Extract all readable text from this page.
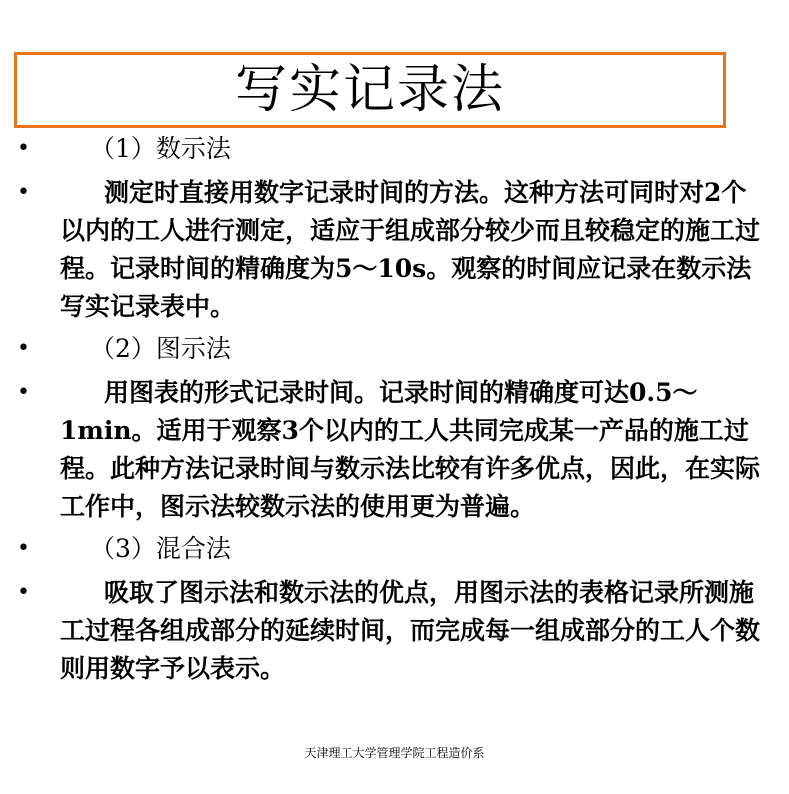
写实记录法
•	（1）数示法
•	测定时直接用数字记录时间的方法。这种方法可同时对2个以内的工人进行测定，适应于组成部分较少而且较稳定的施工过程。记录时间的精确度为5～10s。观察的时间应记录在数示法写实记录表中。
•	（2）图示法
•	用图表的形式记录时间。记录时间的精确度可达0.5～1min。适用于观察3个以内的工人共同完成某一产品的施工过程。此种方法记录时间与数示法比较有许多优点，因此，在实际工作中，图示法较数示法的使用更为普遍。
•	（3）混合法
•	吸取了图示法和数示法的优点，用图示法的表格记录所测施工过程各组成部分的延续时间，而完成每一组成部分的工人个数则用数字予以表示。
天津理工大学管理学院工程造价系
